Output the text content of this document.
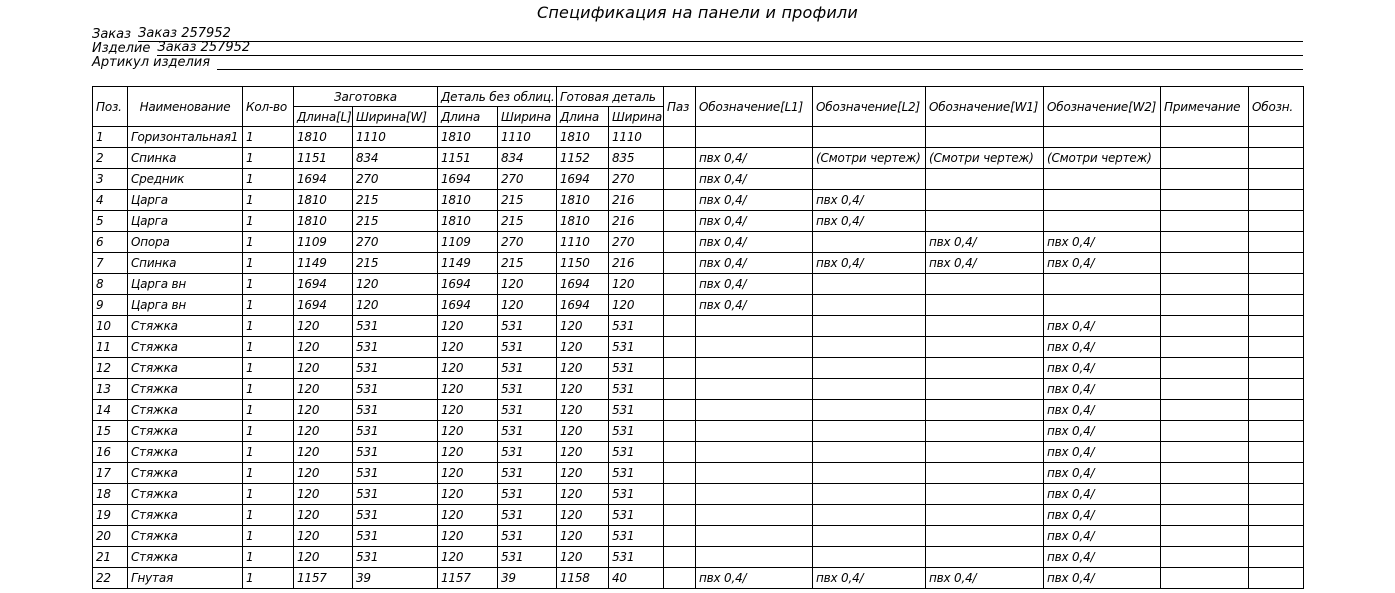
Спецификация на панели и профили
Заказ Заказ 257952
Изделие Заказ 257952
Артикул изделия
Поз.	Наименование	Кол-во	Заготовка		Деталь без облиц.		Готовая деталь		Паз	Обозначение[L1]	Обозначение[L2]	Обозначение[W1]	Обозначение[W2]	Примечание	Обозн.
			Длина[L]	Ширина[W]	Длина	Ширина	Длина	Ширина							
1	Горизонтальная1	1	1810	1110	1810	1110	1810	1110							
2	Спинка	1	1151	834	1151	834	1152	835		пвх 0,4/	(Смотри чертеж)	(Смотри чертеж)	(Смотри чертеж)		
3	Средник	1	1694	270	1694	270	1694	270		пвх 0,4/					
4	Царга	1	1810	215	1810	215	1810	216		пвх 0,4/	пвх 0,4/				
5	Царга	1	1810	215	1810	215	1810	216		пвх 0,4/	пвх 0,4/				
6	Опора	1	1109	270	1109	270	1110	270		пвх 0,4/		пвх 0,4/	пвх 0,4/		
7	Спинка	1	1149	215	1149	215	1150	216		пвх 0,4/	пвх 0,4/	пвх 0,4/	пвх 0,4/		
8	Царга вн	1	1694	120	1694	120	1694	120		пвх 0,4/					
9	Царга вн	1	1694	120	1694	120	1694	120		пвх 0,4/					
10	Стяжка	1	120	531	120	531	120	531					пвх 0,4/		
11	Стяжка	1	120	531	120	531	120	531					пвх 0,4/		
12	Стяжка	1	120	531	120	531	120	531					пвх 0,4/		
13	Стяжка	1	120	531	120	531	120	531					пвх 0,4/		
14	Стяжка	1	120	531	120	531	120	531					пвх 0,4/		
15	Стяжка	1	120	531	120	531	120	531					пвх 0,4/		
16	Стяжка	1	120	531	120	531	120	531					пвх 0,4/		
17	Стяжка	1	120	531	120	531	120	531					пвх 0,4/		
18	Стяжка	1	120	531	120	531	120	531					пвх 0,4/		
19	Стяжка	1	120	531	120	531	120	531					пвх 0,4/		
20	Стяжка	1	120	531	120	531	120	531					пвх 0,4/		
21	Стяжка	1	120	531	120	531	120	531					пвх 0,4/		
22	Гнутая	1	1157	39	1157	39	1158	40		пвх 0,4/	пвх 0,4/	пвх 0,4/	пвх 0,4/		
